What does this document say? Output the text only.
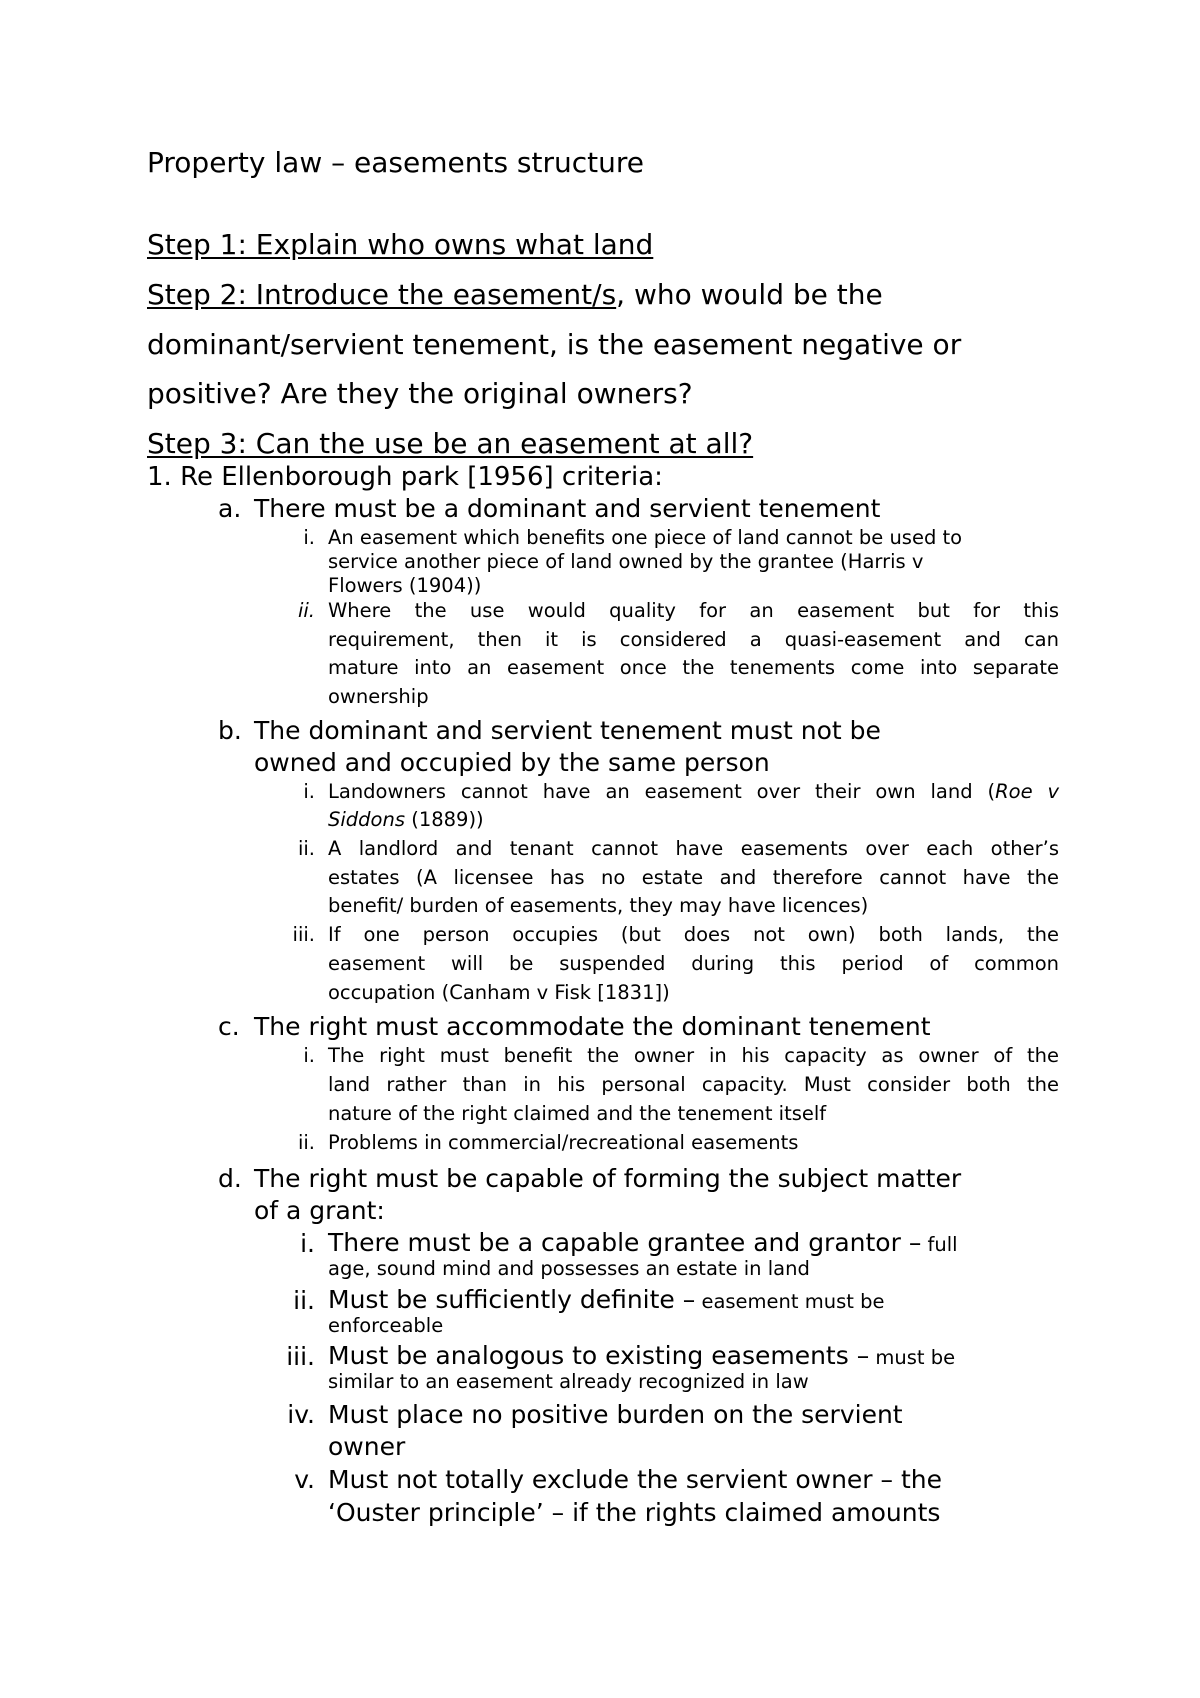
Property law – easements structure
Step 1: Explain who owns what land
Step 2: Introduce the easement/s, who would be the
dominant/servient tenement, is the easement negative or
positive? Are they the original owners?
Step 3: Can the use be an easement at all?
1. Re Ellenborough park [1956] criteria:
a. There must be a dominant and servient tenement
i. An easement which benefits one piece of land cannot be used to
service another piece of land owned by the grantee (Harris v
Flowers (1904))
ii. Where the use would quality for an easement but for this
requirement, then it is considered a quasi-easement and can
mature into an easement once the tenements come into separate
ownership
b. The dominant and servient tenement must not be
owned and occupied by the same person
i. Landowners cannot have an easement over their own land (Roe v
Siddons (1889))
ii. A landlord and tenant cannot have easements over each other’s
estates (A licensee has no estate and therefore cannot have the
benefit/ burden of easements, they may have licences)
iii. If one person occupies (but does not own) both lands, the
easement will be suspended during this period of common
occupation (Canham v Fisk [1831])
c. The right must accommodate the dominant tenement
i. The right must benefit the owner in his capacity as owner of the
land rather than in his personal capacity. Must consider both the
nature of the right claimed and the tenement itself
ii. Problems in commercial/recreational easements
d. The right must be capable of forming the subject matter
of a grant:
i. There must be a capable grantee and grantor – full
age, sound mind and possesses an estate in land
ii. Must be sufficiently definite – easement must be
enforceable
iii. Must be analogous to existing easements – must be
similar to an easement already recognized in law
iv. Must place no positive burden on the servient
owner
v. Must not totally exclude the servient owner – the
‘Ouster principle’ – if the rights claimed amounts
